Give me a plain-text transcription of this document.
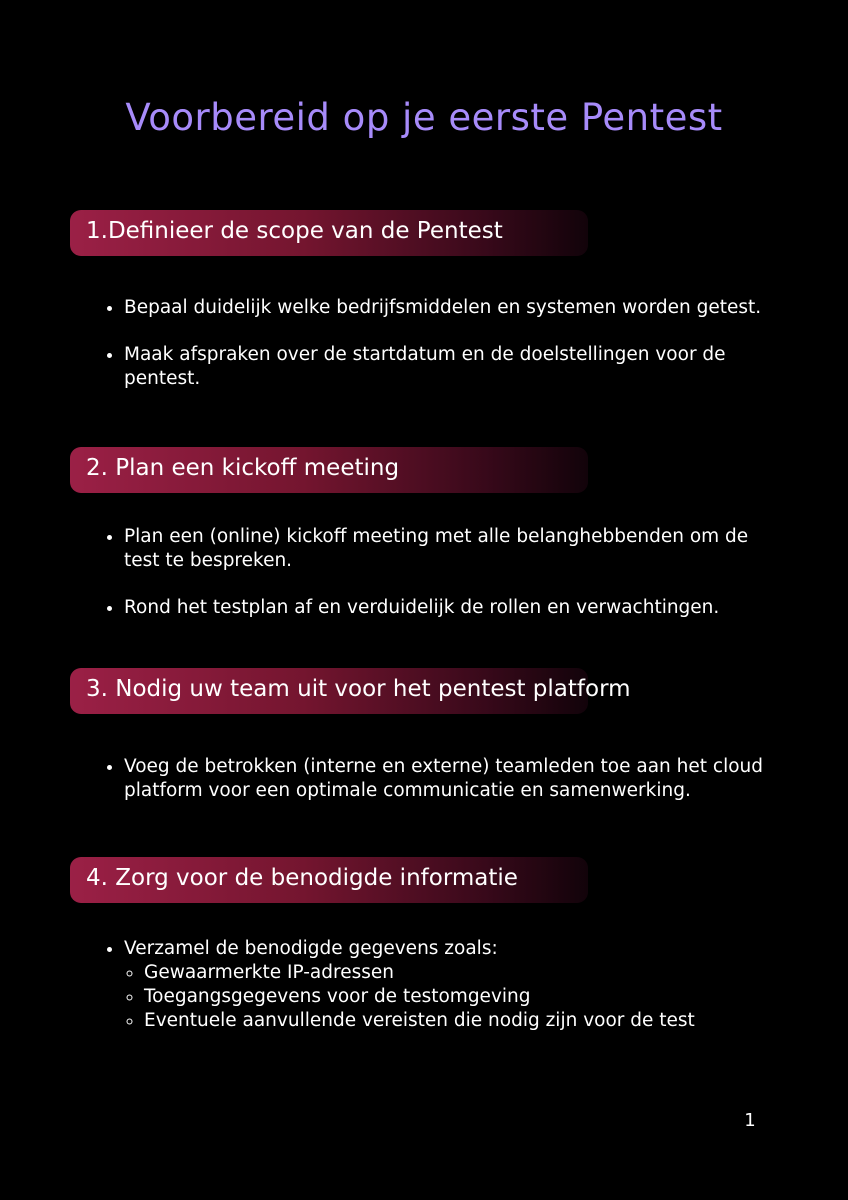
Voorbereid op je eerste Pentest
1.Definieer de scope van de Pentest
• Bepaal duidelijk welke bedrijfsmiddelen en systemen worden getest.
• Maak afspraken over de startdatum en de doelstellingen voor de pentest.
2. Plan een kickoff meeting
• Plan een (online) kickoff meeting met alle belanghebbenden om de test te bespreken.
• Rond het testplan af en verduidelijk de rollen en verwachtingen.
3. Nodig uw team uit voor het pentest platform
• Voeg de betrokken (interne en externe) teamleden toe aan het cloud platform voor een optimale communicatie en samenwerking.
4. Zorg voor de benodigde informatie
• Verzamel de benodigde gegevens zoals:
◦ Gewaarmerkte IP-adressen
◦ Toegangsgegevens voor de testomgeving
◦ Eventuele aanvullende vereisten die nodig zijn voor de test
1
